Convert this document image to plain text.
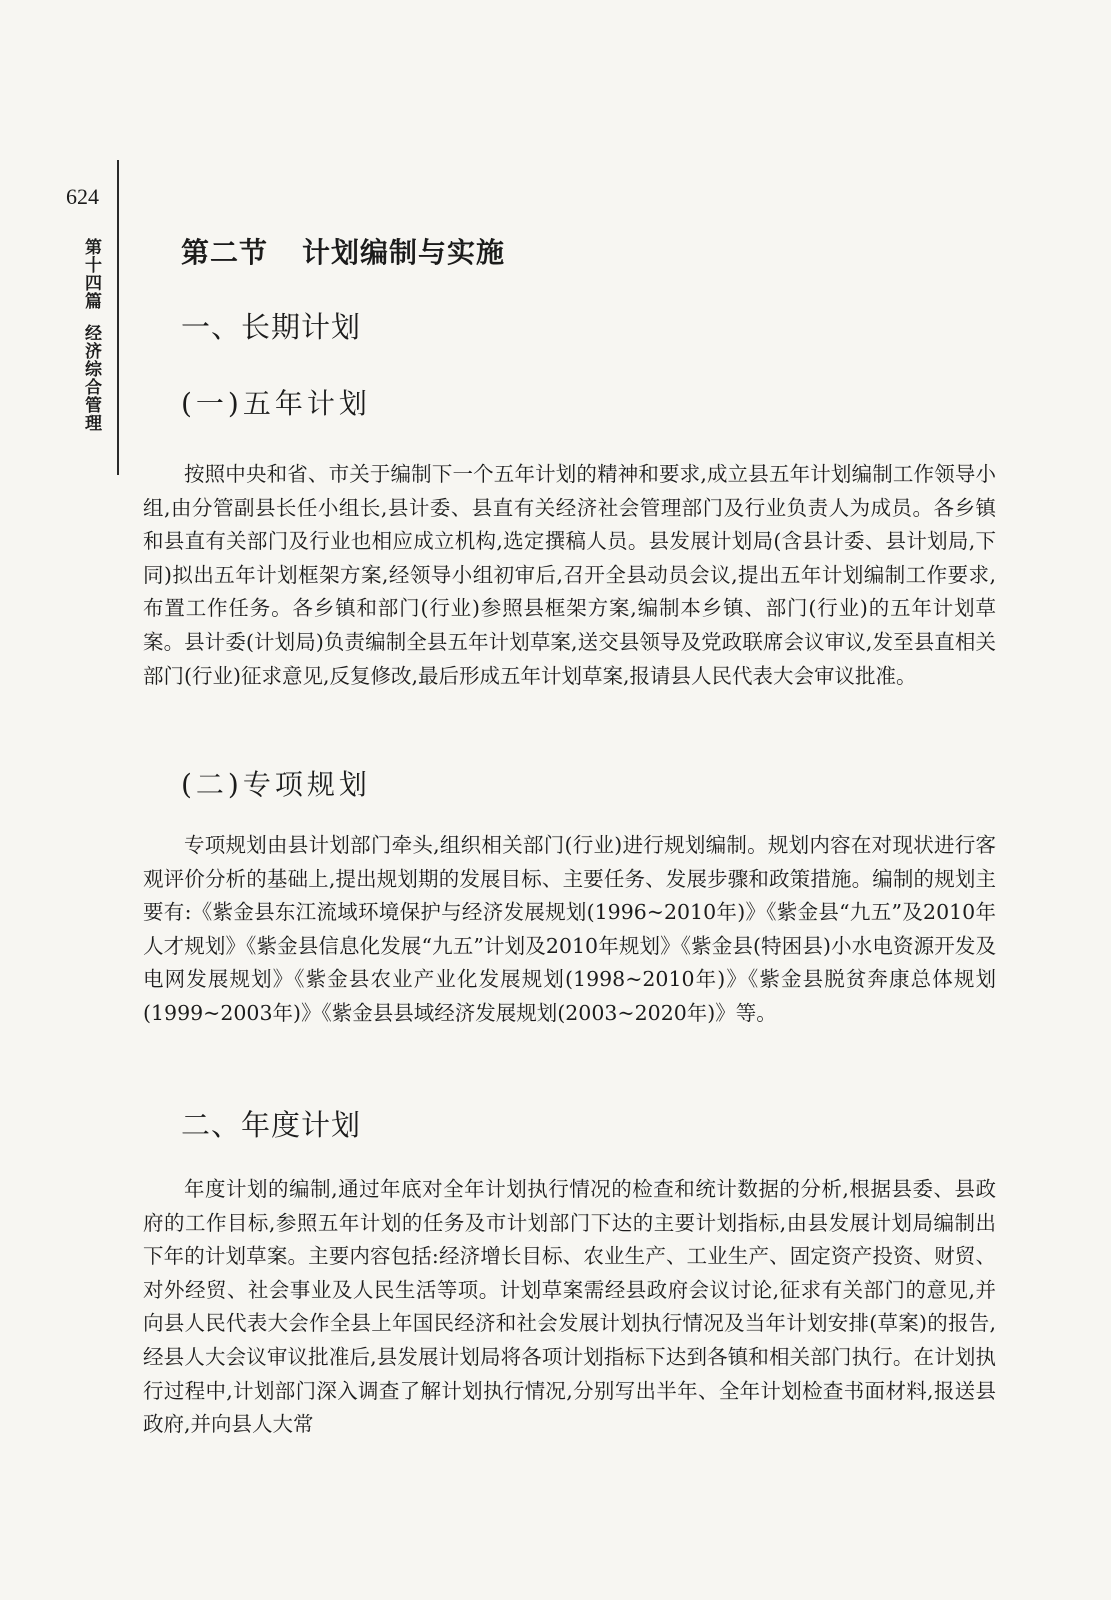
624
第十四篇经济综合管理
第二节 计划编制与实施
一、长期计划
(一)五年计划

按照中央和省、市关于编制下一个五年计划的精神和要求,成立县五年计划编制工作领导小组,由分管副县长任小组长,县计委、县直有关经济社会管理部门及行业负责人为成员。各乡镇和县直有关部门及行业也相应成立机构,选定撰稿人员。县发展计划局(含县计委、县计划局,下同)拟出五年计划框架方案,经领导小组初审后,召开全县动员会议,提出五年计划编制工作要求,布置工作任务。各乡镇和部门(行业)参照县框架方案,编制本乡镇、部门(行业)的五年计划草案。县计委(计划局)负责编制全县五年计划草案,送交县领导及党政联席会议审议,发至县直相关部门(行业)征求意见,反复修改,最后形成五年计划草案,报请县人民代表大会审议批准。

(二)专项规划

专项规划由县计划部门牵头,组织相关部门(行业)进行规划编制。规划内容在对现状进行客观评价分析的基础上,提出规划期的发展目标、主要任务、发展步骤和政策措施。编制的规划主要有:《紫金县东江流域环境保护与经济发展规划(1996~2010年)》《紫金县“九五”及2010年人才规划》《紫金县信息化发展“九五”计划及2010年规划》《紫金县(特困县)小水电资源开发及电网发展规划》《紫金县农业产业化发展规划(1998~2010年)》《紫金县脱贫奔康总体规划(1999~2003年)》《紫金县县域经济发展规划(2003~2020年)》等。

二、年度计划

年度计划的编制,通过年底对全年计划执行情况的检查和统计数据的分析,根据县委、县政府的工作目标,参照五年计划的任务及市计划部门下达的主要计划指标,由县发展计划局编制出下年的计划草案。主要内容包括:经济增长目标、农业生产、工业生产、固定资产投资、财贸、对外经贸、社会事业及人民生活等项。计划草案需经县政府会议讨论,征求有关部门的意见,并向县人民代表大会作全县上年国民经济和社会发展计划执行情况及当年计划安排(草案)的报告,经县人大会议审议批准后,县发展计划局将各项计划指标下达到各镇和相关部门执行。在计划执行过程中,计划部门深入调查了解计划执行情况,分别写出半年、全年计划检查书面材料,报送县政府,并向县人大常
